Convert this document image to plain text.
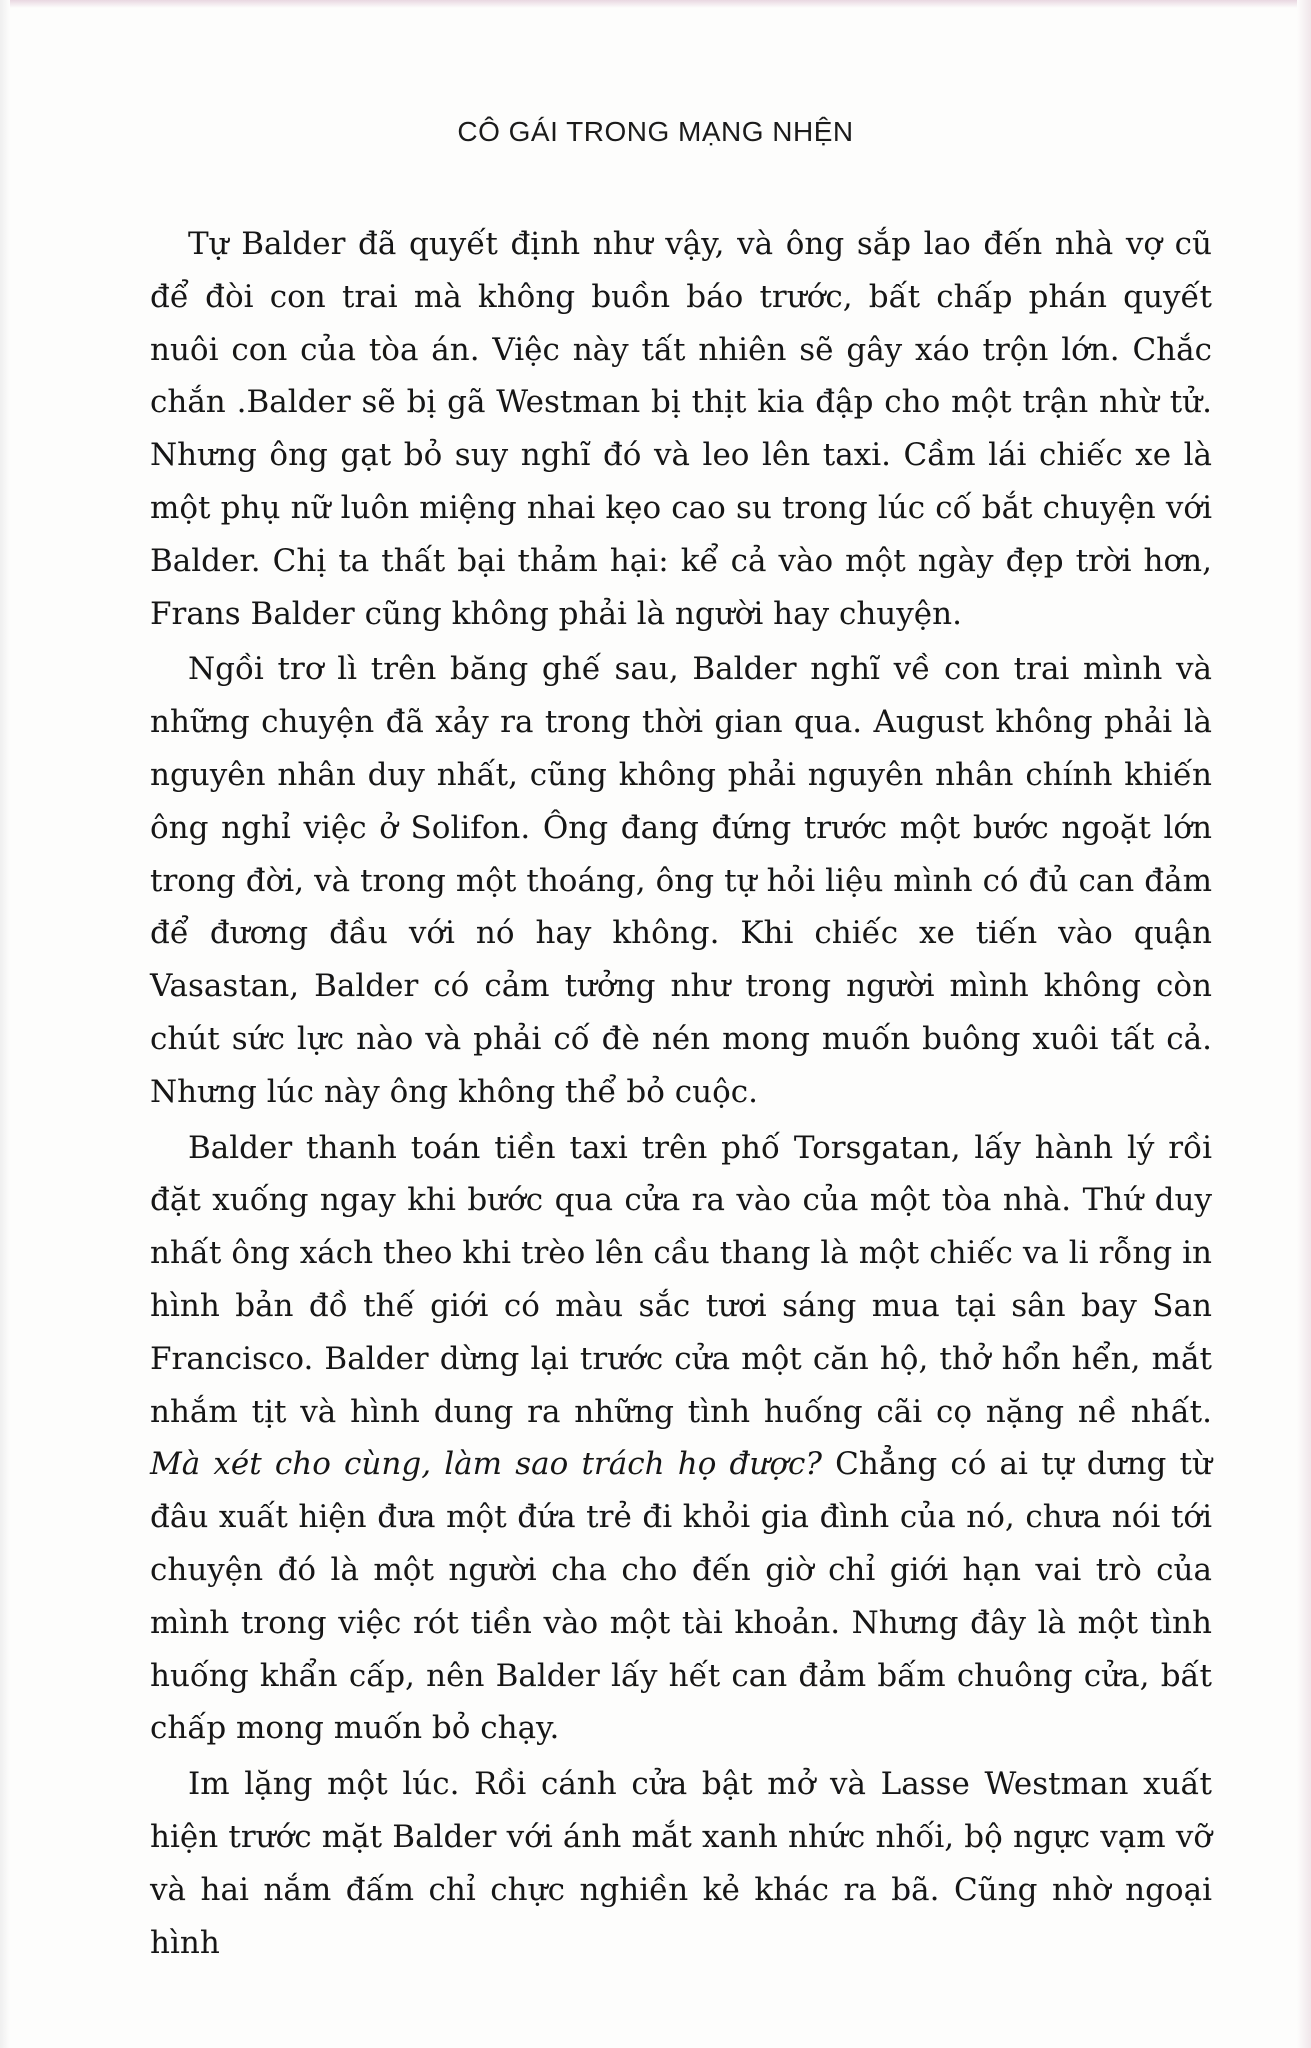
CÔ GÁI TRONG MẠNG NHỆN

Tự Balder đã quyết định như vậy, và ông sắp lao đến nhà vợ cũ để đòi con trai mà không buồn báo trước, bất chấp phán quyết nuôi con của tòa án. Việc này tất nhiên sẽ gây xáo trộn lớn. Chắc chắn .Balder sẽ bị gã Westman bị thịt kia đập cho một trận nhừ tử. Nhưng ông gạt bỏ suy nghĩ đó và leo lên taxi. Cầm lái chiếc xe là một phụ nữ luôn miệng nhai kẹo cao su trong lúc cố bắt chuyện với Balder. Chị ta thất bại thảm hại: kể cả vào một ngày đẹp trời hơn, Frans Balder cũng không phải là người hay chuyện.

Ngồi trơ lì trên băng ghế sau, Balder nghĩ về con trai mình và những chuyện đã xảy ra trong thời gian qua. August không phải là nguyên nhân duy nhất, cũng không phải nguyên nhân chính khiến ông nghỉ việc ở Solifon. Ông đang đứng trước một bước ngoặt lớn trong đời, và trong một thoáng, ông tự hỏi liệu mình có đủ can đảm để đương đầu với nó hay không. Khi chiếc xe tiến vào quận Vasastan, Balder có cảm tưởng như trong người mình không còn chút sức lực nào và phải cố đè nén mong muốn buông xuôi tất cả. Nhưng lúc này ông không thể bỏ cuộc.

Balder thanh toán tiền taxi trên phố Torsgatan, lấy hành lý rồi đặt xuống ngay khi bước qua cửa ra vào của một tòa nhà. Thứ duy nhất ông xách theo khi trèo lên cầu thang là một chiếc va li rỗng in hình bản đồ thế giới có màu sắc tươi sáng mua tại sân bay San Francisco. Balder dừng lại trước cửa một căn hộ, thở hổn hển, mắt nhắm tịt và hình dung ra những tình huống cãi cọ nặng nề nhất. Mà xét cho cùng, làm sao trách họ được? Chẳng có ai tự dưng từ đâu xuất hiện đưa một đứa trẻ đi khỏi gia đình của nó, chưa nói tới chuyện đó là một người cha cho đến giờ chỉ giới hạn vai trò của mình trong việc rót tiền vào một tài khoản. Nhưng đây là một tình huống khẩn cấp, nên Balder lấy hết can đảm bấm chuông cửa, bất chấp mong muốn bỏ chạy.

Im lặng một lúc. Rồi cánh cửa bật mở và Lasse Westman xuất hiện trước mặt Balder với ánh mắt xanh nhức nhối, bộ ngực vạm vỡ và hai nắm đấm chỉ chực nghiền kẻ khác ra bã. Cũng nhờ ngoại hình
